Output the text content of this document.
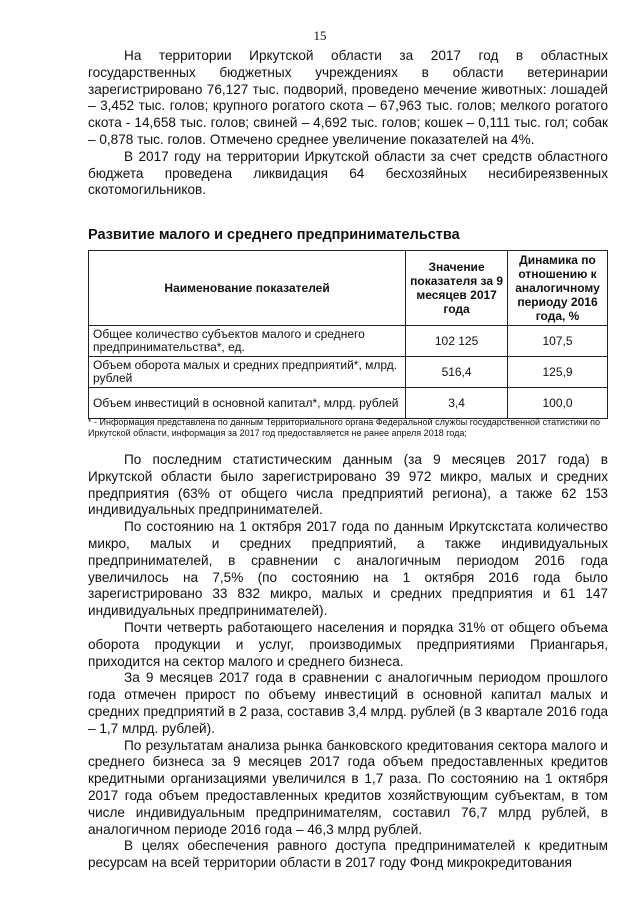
15

На территории Иркутской области за 2017 год в областных государственных бюджетных учреждениях в области ветеринарии зарегистрировано 76,127 тыс. подворий, проведено мечение животных: лошадей – 3,452 тыс. голов; крупного рогатого скота – 67,963 тыс. голов; мелкого рогатого скота - 14,658 тыс. голов; свиней – 4,692 тыс. голов; кошек – 0,111 тыс. гол; собак – 0,878 тыс. голов. Отмечено среднее увеличение показателей на 4%.

В 2017 году на территории Иркутской области за счет средств областного бюджета проведена ликвидация 64 бесхозяйных несибиреязвенных скотомогильников.

Развитие малого и среднего предпринимательства
Наименование показателей	Значение показателя за 9 месяцев 2017 года	Динамика по отношению к аналогичному периоду 2016 года, %
Общее количество субъектов малого и среднего предпринимательства*, ед.	102 125	107,5
Объем оборота малых и средних предприятий*, млрд. рублей	516,4	125,9
Объем инвестиций в основной капитал*, млрд. рублей	3,4	100,0

* - Информация представлена по данным Территориального органа Федеральной службы государственной статистики по Иркутской области, информация за 2017 год предоставляется не ранее апреля 2018 года;

По последним статистическим данным (за 9 месяцев 2017 года) в Иркутской области было зарегистрировано 39 972 микро, малых и средних предприятия (63% от общего числа предприятий региона), а также 62 153 индивидуальных предпринимателей.

По состоянию на 1 октября 2017 года по данным Иркутскстата количество микро, малых и средних предприятий, а также индивидуальных предпринимателей, в сравнении с аналогичным периодом 2016 года увеличилось на 7,5% (по состоянию на 1 октября 2016 года было зарегистрировано 33 832 микро, малых и средних предприятия и 61 147 индивидуальных предпринимателей).

Почти четверть работающего населения и порядка 31% от общего объема оборота продукции и услуг, производимых предприятиями Приангарья, приходится на сектор малого и среднего бизнеса.

За 9 месяцев 2017 года в сравнении с аналогичным периодом прошлого года отмечен прирост по объему инвестиций в основной капитал малых и средних предприятий в 2 раза, составив 3,4 млрд. рублей (в 3 квартале 2016 года – 1,7 млрд. рублей).

По результатам анализа рынка банковского кредитования сектора малого и среднего бизнеса за 9 месяцев 2017 года объем предоставленных кредитов кредитными организациями увеличился в 1,7 раза. По состоянию на 1 октября 2017 года объем предоставленных кредитов хозяйствующим субъектам, в том числе индивидуальным предпринимателям, составил 76,7 млрд рублей, в аналогичном периоде 2016 года – 46,3 млрд рублей.

В целях обеспечения равного доступа предпринимателей к кредитным ресурсам на всей территории области в 2017 году Фонд микрокредитования
